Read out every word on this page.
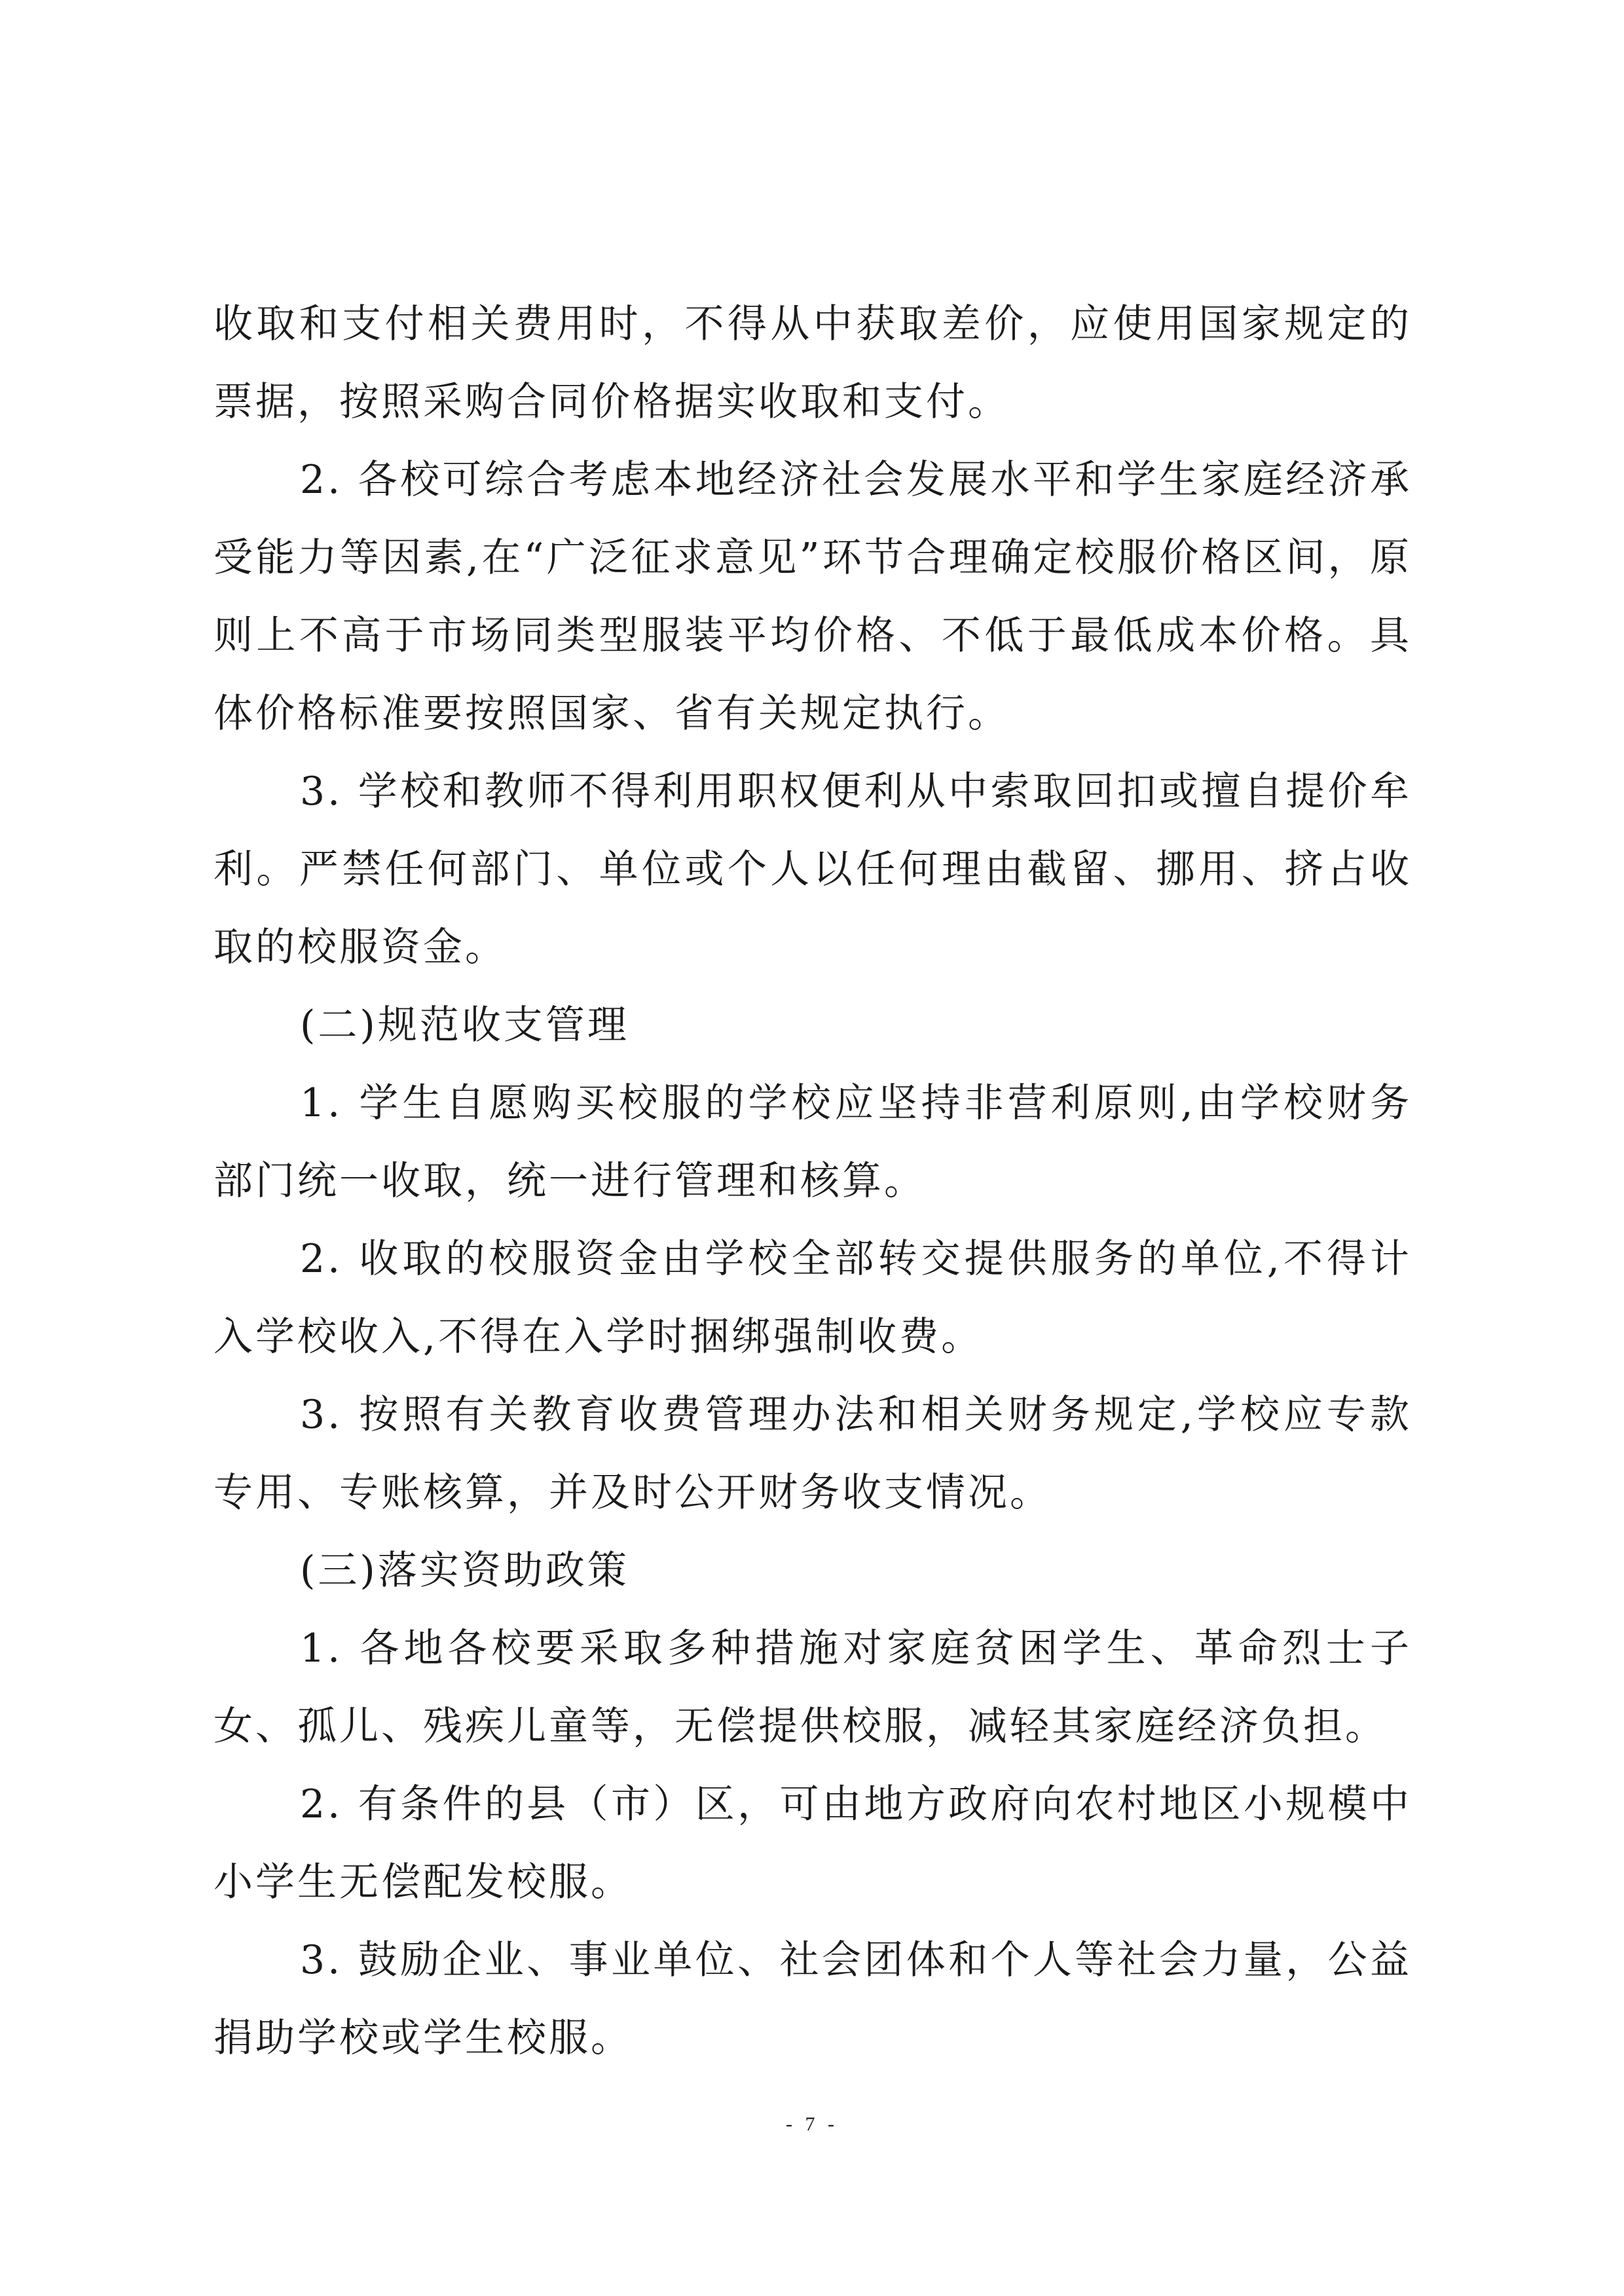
收取和支付相关费用时，不得从中获取差价，应使用国家规定的票据，按照采购合同价格据实收取和支付。

2. 各校可综合考虑本地经济社会发展水平和学生家庭经济承受能力等因素,在“广泛征求意见”环节合理确定校服价格区间，原则上不高于市场同类型服装平均价格、不低于最低成本价格。具体价格标准要按照国家、省有关规定执行。

3. 学校和教师不得利用职权便利从中索取回扣或擅自提价牟利。严禁任何部门、单位或个人以任何理由截留、挪用、挤占收取的校服资金。

(二)规范收支管理

1. 学生自愿购买校服的学校应坚持非营利原则,由学校财务部门统一收取，统一进行管理和核算。

2. 收取的校服资金由学校全部转交提供服务的单位,不得计入学校收入,不得在入学时捆绑强制收费。

3. 按照有关教育收费管理办法和相关财务规定,学校应专款专用、专账核算，并及时公开财务收支情况。

(三)落实资助政策

1. 各地各校要采取多种措施对家庭贫困学生、革命烈士子女、孤儿、残疾儿童等，无偿提供校服，减轻其家庭经济负担。

2. 有条件的县（市）区，可由地方政府向农村地区小规模中小学生无偿配发校服。

3. 鼓励企业、事业单位、社会团体和个人等社会力量，公益捐助学校或学生校服。

- 7 -
